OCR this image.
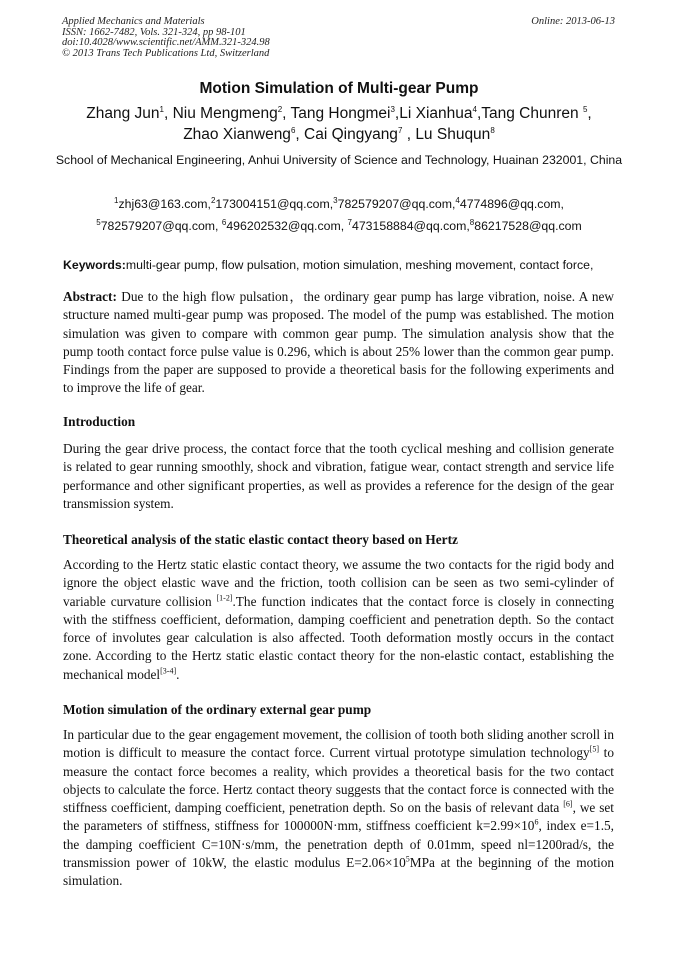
Applied Mechanics and Materials
ISSN: 1662-7482, Vols. 321-324, pp 98-101
doi:10.4028/www.scientific.net/AMM.321-324.98
© 2013 Trans Tech Publications Ltd, Switzerland
Online: 2013-06-13
Motion Simulation of Multi-gear Pump
Zhang Jun$^1$, Niu Mengmeng$^2$, Tang Hongmei$^3$,Li Xianhua$^4$,Tang Chunren $^5$,
Zhao Xianweng$^6$, Cai Qingyang$^7$ , Lu Shuqun$^8$
School of Mechanical Engineering, Anhui University of Science and Technology, Huainan 232001, China
$^1$zhj63@163.com,$^2$173004151@qq.com,$^3$782579207@qq.com,$^4$4774896@qq.com,
$^5$782579207@qq.com, $^6$496202532@qq.com, $^7$473158884@qq.com,$^8$86217528@qq.com
Keywords:multi-gear pump, flow pulsation, motion simulation, meshing movement, contact force,
Abstract: Due to the high flow pulsation，the ordinary gear pump has large vibration, noise. A new structure named multi-gear pump was proposed. The model of the pump was established. The motion simulation was given to compare with common gear pump. The simulation analysis show that the pump tooth contact force pulse value is 0.296, which is about 25% lower than the common gear pump. Findings from the paper are supposed to provide a theoretical basis for the following experiments and to improve the life of gear.
Introduction
During the gear drive process, the contact force that the tooth cyclical meshing and collision generate is related to gear running smoothly, shock and vibration, fatigue wear, contact strength and service life performance and other significant properties, as well as provides a reference for the design of the gear transmission system.
Theoretical analysis of the static elastic contact theory based on Hertz
According to the Hertz static elastic contact theory, we assume the two contacts for the rigid body and ignore the object elastic wave and the friction, tooth collision can be seen as two semi-cylinder of variable curvature collision [1-2].The function indicates that the contact force is closely in connecting with the stiffness coefficient, deformation, damping coefficient and penetration depth. So the contact force of involutes gear calculation is also affected. Tooth deformation mostly occurs in the contact zone. According to the Hertz static elastic contact theory for the non-elastic contact, establishing the mechanical model[3-4].
Motion simulation of the ordinary external gear pump
In particular due to the gear engagement movement, the collision of tooth both sliding another scroll in motion is difficult to measure the contact force. Current virtual prototype simulation technology[5] to measure the contact force becomes a reality, which provides a theoretical basis for the two contact objects to calculate the force. Hertz contact theory suggests that the contact force is connected with the stiffness coefficient, damping coefficient, penetration depth. So on the basis of relevant data [6], we set the parameters of stiffness, stiffness for 100000N·mm, stiffness coefficient $k=2.99\times 10^6$, index e=1.5, the damping coefficient C=10N·s/mm, the penetration depth of 0.01mm, speed nl=1200rad/s, the transmission power of 10kW, the elastic modulus $E=2.06\times 10^5MPa$ at the beginning of the motion simulation.
